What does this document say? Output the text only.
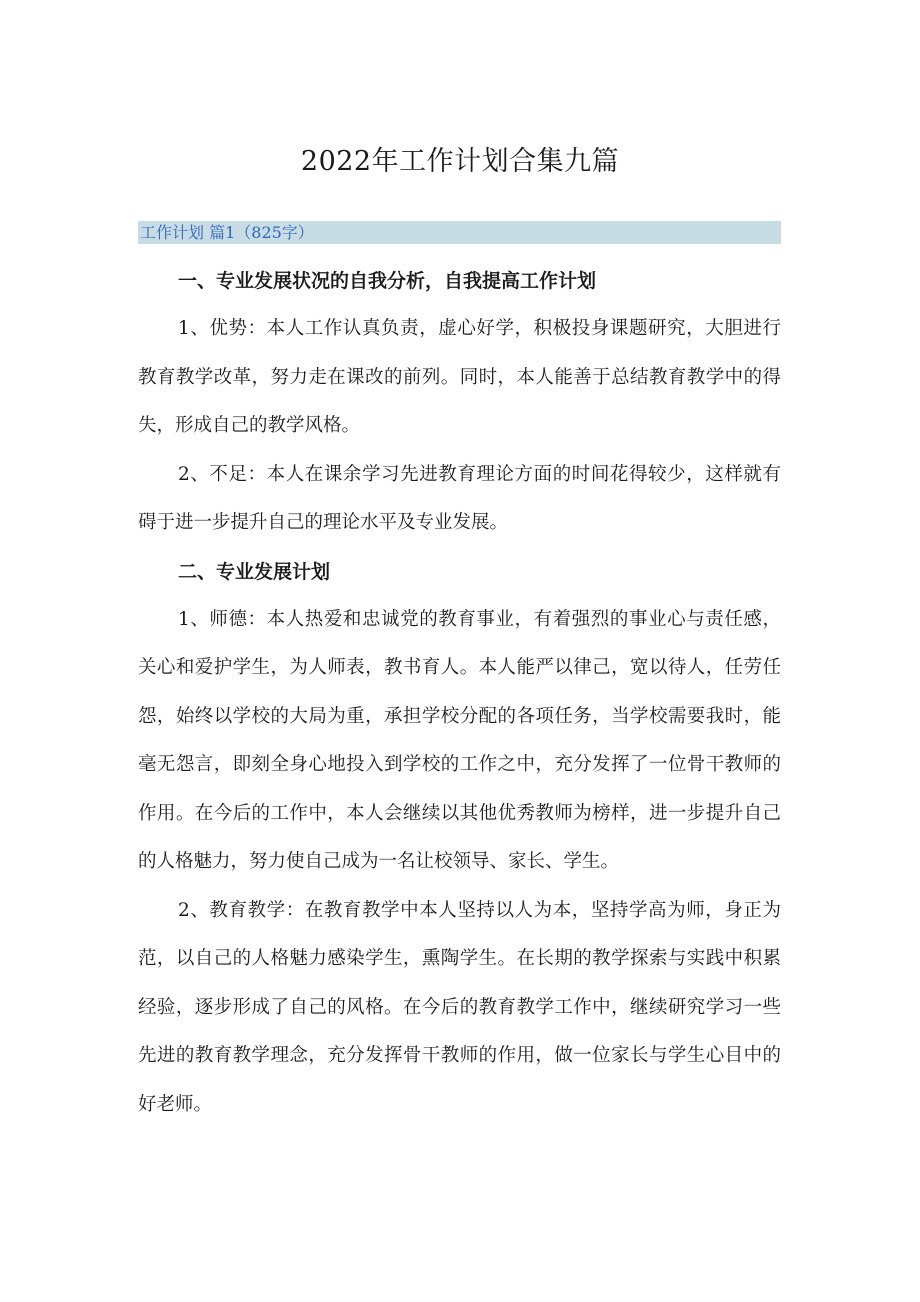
2022年工作计划合集九篇
工作计划 篇1（825字）

一、专业发展状况的自我分析，自我提高工作计划

1、优势：本人工作认真负责，虚心好学，积极投身课题研究，大胆进行教育教学改革，努力走在课改的前列。同时，本人能善于总结教育教学中的得失，形成自己的教学风格。

2、不足：本人在课余学习先进教育理论方面的时间花得较少，这样就有碍于进一步提升自己的理论水平及专业发展。

二、专业发展计划

1、师德：本人热爱和忠诚党的教育事业，有着强烈的事业心与责任感，关心和爱护学生，为人师表，教书育人。本人能严以律己，宽以待人，任劳任怨，始终以学校的大局为重，承担学校分配的各项任务，当学校需要我时，能毫无怨言，即刻全身心地投入到学校的工作之中，充分发挥了一位骨干教师的作用。在今后的工作中，本人会继续以其他优秀教师为榜样，进一步提升自己的人格魅力，努力使自己成为一名让校领导、家长、学生。

2、教育教学：在教育教学中本人坚持以人为本，坚持学高为师，身正为范，以自己的人格魅力感染学生，熏陶学生。在长期的教学探索与实践中积累经验，逐步形成了自己的风格。在今后的教育教学工作中，继续研究学习一些先进的教育教学理念，充分发挥骨干教师的作用，做一位家长与学生心目中的好老师。
